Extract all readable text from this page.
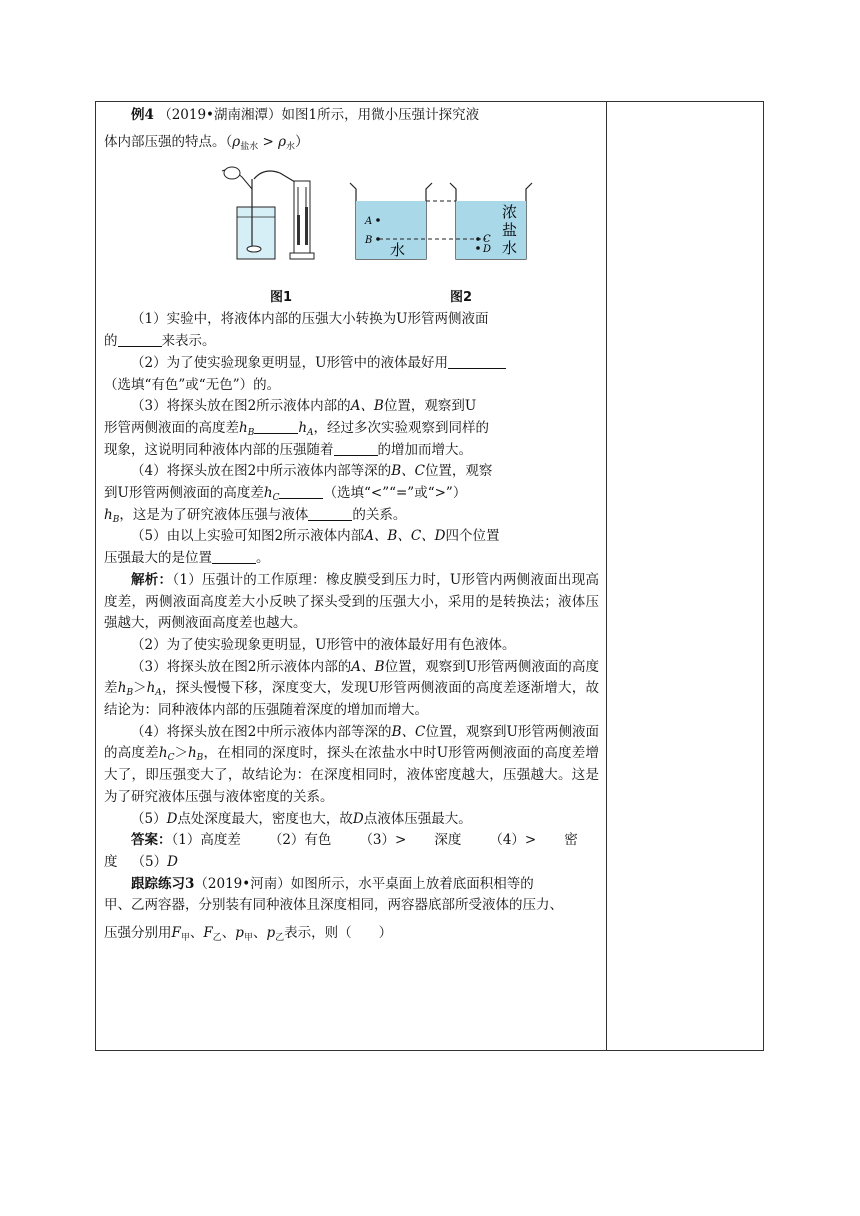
例4 （2019•湖南湘潭）如图1所示，用微小压强计探究液

体内部压强的特点。$(\rho_{盐水} > \rho_水)$

A
B	C
D
水
浓
盐
水
图1	图2

（1）实验中，将液体内部的压强大小转换为U形管两侧液面

的	来表示。

（2）为了使实验现象更明显，U形管中的液体最好用

（选填“有色”或“无色”）的。

（3）将探头放在图2所示液体内部的A、B位置，观察到U

形管两侧液面的高度差$h_B$	$h_A$，经过多次实验观察到同样的

现象，这说明同种液体内部的压强随着	的增加而增大。

（4）将探头放在图2中所示液体内部等深的B、C位置，观察

到U形管两侧液面的高度差$h_C$	（选填“<”“=”或“>”）

$h_B$，这是为了研究液体压强与液体	的关系。

（5）由以上实验可知图2所示液体内部A、B、C、D四个位置

压强最大的是位置	。

解析：（1）压强计的工作原理：橡皮膜受到压力时，U形管内两侧液面出现高度差，两侧液面高度差大小反映了探头受到的压强大小，采用的是转换法；液体压强越大，两侧液面高度差也越大。

（2）为了使实验现象更明显，U形管中的液体最好用有色液体。

（3）将探头放在图2所示液体内部的A、B位置，观察到U形管两侧液面的高度差$h_B>h_A$，探头慢慢下移，深度变大，发现U形管两侧液面的高度差逐渐增大，故结论为：同种液体内部的压强随着深度的增加而增大。

（4）将探头放在图2中所示液体内部等深的B、C位置，观察到U形管两侧液面的高度差$h_C>h_B$，在相同的深度时，探头在浓盐水中时U形管两侧液面的高度差增大了，即压强变大了，故结论为：在深度相同时，液体密度越大，压强越大。这是为了研究液体压强与液体密度的关系。

（5）D点处深度最大，密度也大，故D点液体压强最大。

答案：（1）高度差 （2）有色 （3）> 深度 （4）> 密

度 （5）D

跟踪练习3（2019•河南）如图所示，水平桌面上放着底面积相等的

甲、乙两容器，分别装有同种液体且深度相同，两容器底部所受液体的压力、

压强分别用$F_甲$、$F_乙$、$p_甲$、$p_乙$表示，则（　　）
